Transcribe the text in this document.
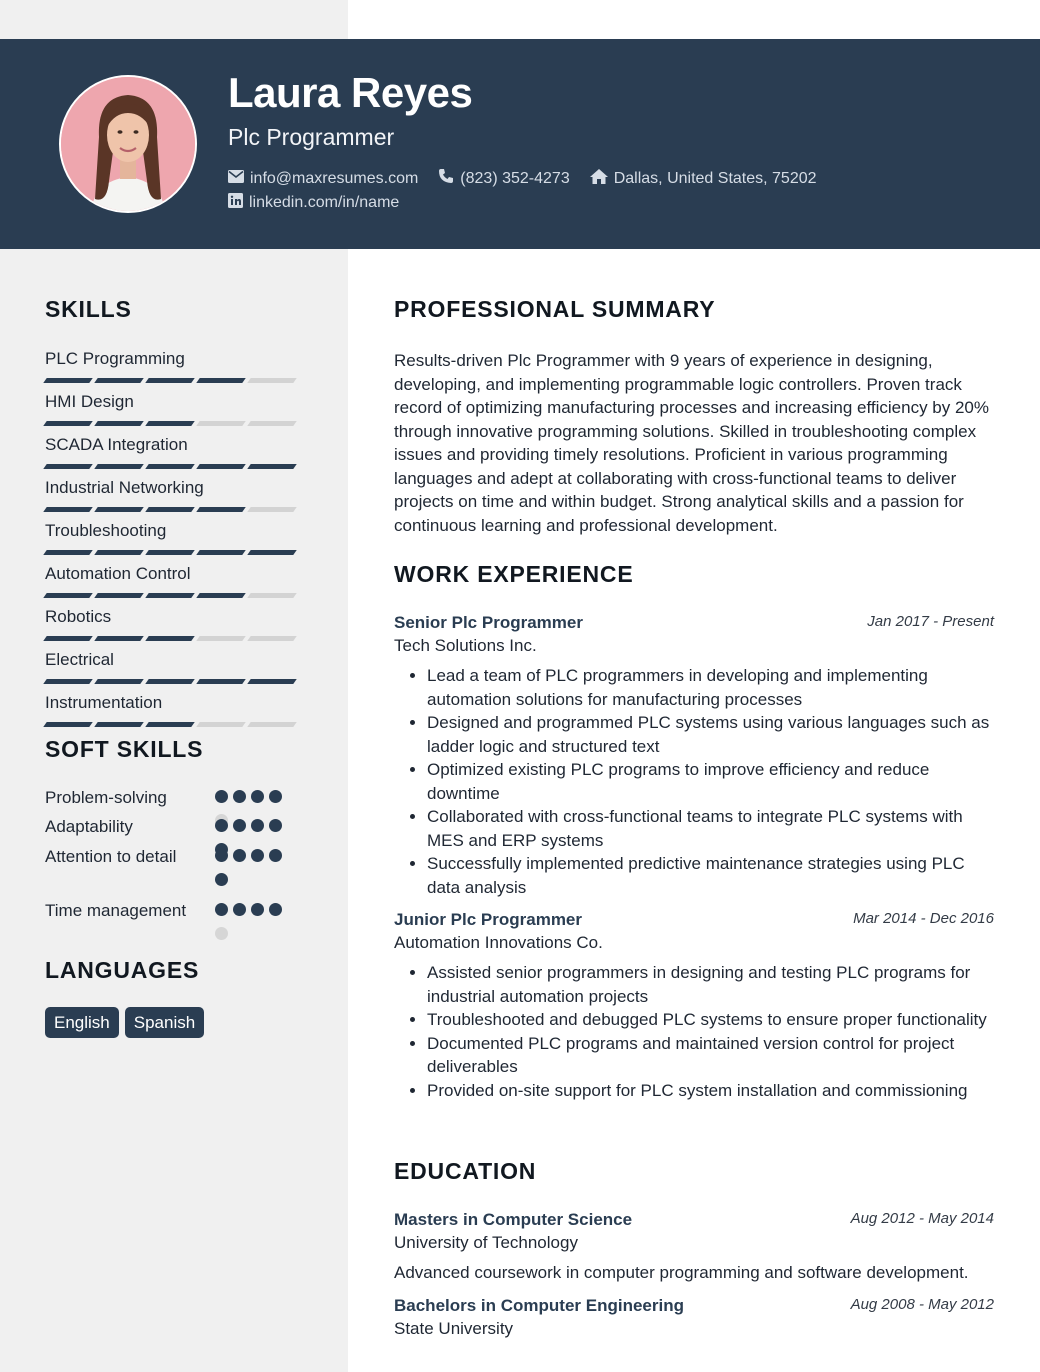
Laura Reyes
Plc Programmer
info@maxresumes.com	(823) 352-4273	Dallas, United States, 75202
linkedin.com/in/name
SKILLS
PLC Programming
HMI Design
SCADA Integration
Industrial Networking
Troubleshooting
Automation Control
Robotics
Electrical
Instrumentation
SOFT SKILLS
Problem-solving
Adaptability
Attention to detail
Time management
LANGUAGES
English	Spanish
PROFESSIONAL SUMMARY
Results-driven Plc Programmer with 9 years of experience in designing, developing, and implementing programmable logic controllers. Proven track record of optimizing manufacturing processes and increasing efficiency by 20% through innovative programming solutions. Skilled in troubleshooting complex issues and providing timely resolutions. Proficient in various programming languages and adept at collaborating with cross-functional teams to deliver projects on time and within budget. Strong analytical skills and a passion for continuous learning and professional development.
WORK EXPERIENCE
Senior Plc Programmer	Jan 2017 - Present
Tech Solutions Inc.
• Lead a team of PLC programmers in developing and implementing automation solutions for manufacturing processes
• Designed and programmed PLC systems using various languages such as ladder logic and structured text
• Optimized existing PLC programs to improve efficiency and reduce downtime
• Collaborated with cross-functional teams to integrate PLC systems with MES and ERP systems
• Successfully implemented predictive maintenance strategies using PLC data analysis
Junior Plc Programmer	Mar 2014 - Dec 2016
Automation Innovations Co.
• Assisted senior programmers in designing and testing PLC programs for industrial automation projects
• Troubleshooted and debugged PLC systems to ensure proper functionality
• Documented PLC programs and maintained version control for project deliverables
• Provided on-site support for PLC system installation and commissioning
EDUCATION
Masters in Computer Science	Aug 2012 - May 2014
University of Technology
Advanced coursework in computer programming and software development.
Bachelors in Computer Engineering	Aug 2008 - May 2012
State University
